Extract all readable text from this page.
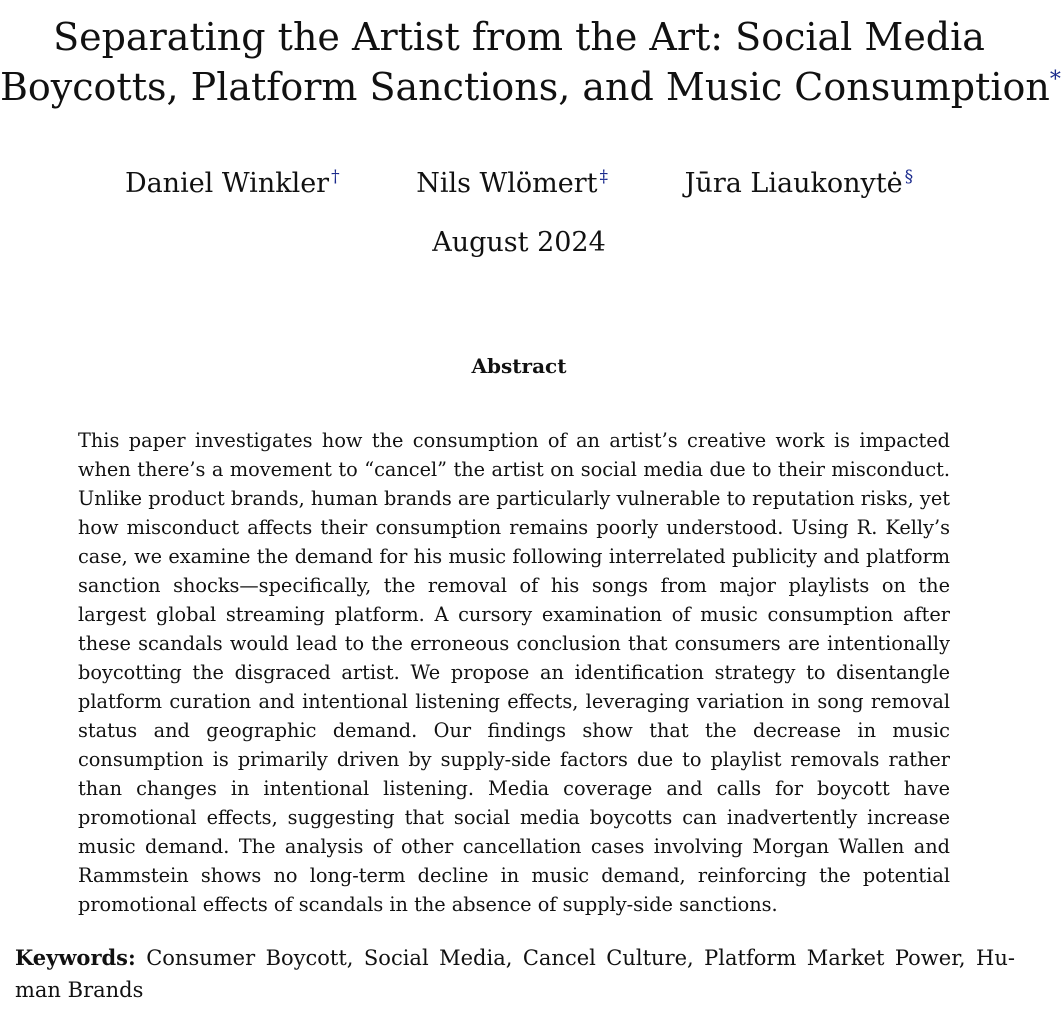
Separating the Artist from the Art: Social Media
Boycotts, Platform Sanctions, and Music Consumption*
Daniel Winkler †	Nils Wlömert ‡	Jūra Liaukonytė §
August 2024
Abstract

This paper investigates how the consumption of an artist’s creative work is impacted when there’s a movement to “cancel” the artist on social media due to their misconduct. Unlike product brands, human brands are particularly vulnerable to reputation risks, yet how misconduct affects their consumption remains poorly understood. Using R. Kelly’s case, we examine the demand for his music following interrelated publicity and platform sanction shocks—specifically, the removal of his songs from major playlists on the largest global streaming platform. A cursory examination of music consumption after these scandals would lead to the erroneous conclusion that consumers are intentionally boycotting the disgraced artist. We propose an identification strategy to disentangle platform curation and intentional listening effects, leveraging variation in song removal status and geographic demand. Our findings show that the decrease in music consumption is primarily driven by supply-side factors due to playlist removals rather than changes in intentional listening. Media coverage and calls for boycott have promotional effects, suggesting that social media boycotts can inadvertently increase music demand. The analysis of other cancellation cases involving Morgan Wallen and Rammstein shows no long-term decline in music demand, reinforcing the potential promotional effects of scandals in the absence of supply-side sanctions.

Keywords: Consumer Boycott, Social Media, Cancel Culture, Platform Market Power, Human Brands
